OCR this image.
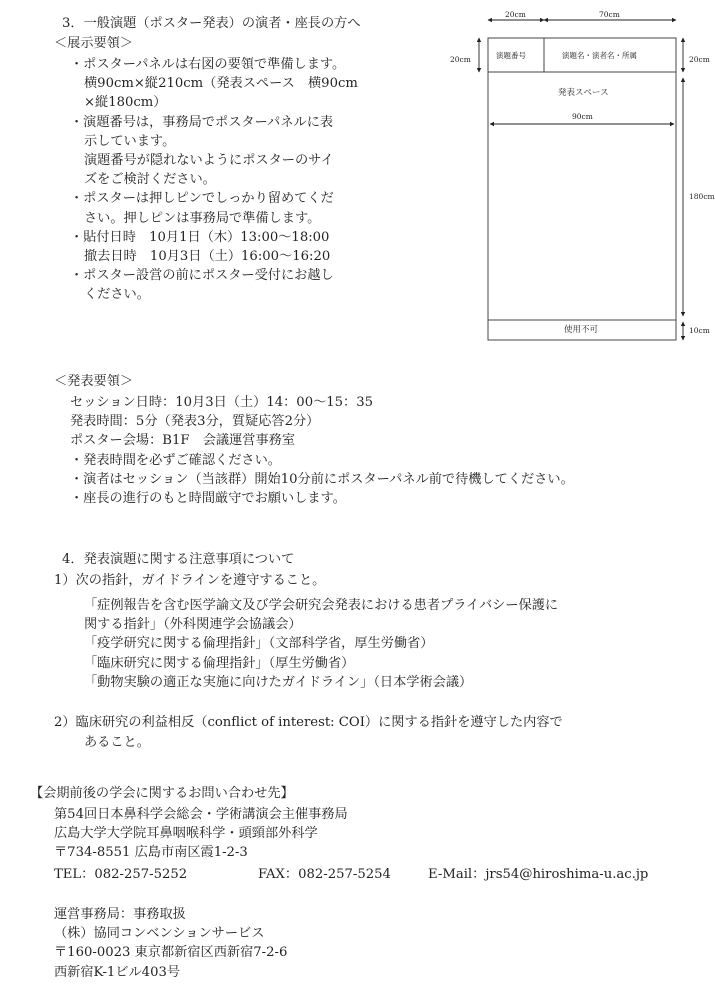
3．一般演題（ポスター発表）の演者・座長の方へ
＜展示要領＞
・ポスターパネルは右図の要領で準備します。
横90cm×縦210cm（発表スペース　横90cm
×縦180cm）
・演題番号は，事務局でポスターパネルに表
示しています。
演題番号が隠れないようにポスターのサイ
ズをご検討ください。
・ポスターは押しピンでしっかり留めてくだ
さい。押しピンは事務局で準備します。
・貼付日時　10月1日（木）13:00～18:00
撤去日時　10月3日（土）16:00～16:20
・ポスター設営の前にポスター受付にお越し
ください。
20cm	70cm
20cm	20cm
180cm
10cm
演題番号	演題名・演者名・所属
発表スペース
90cm
使用不可
＜発表要領＞
セッション日時：10月3日（土）14：00～15：35
発表時間：5分（発表3分，質疑応答2分）
ポスター会場：B1F　会議運営事務室
・発表時間を必ずご確認ください。
・演者はセッション（当該群）開始10分前にポスターパネル前で待機してください。
・座長の進行のもと時間厳守でお願いします。
4．発表演題に関する注意事項について
1）次の指針，ガイドラインを遵守すること。
「症例報告を含む医学論文及び学会研究会発表における患者プライバシー保護に
関する指針」（外科関連学会協議会）
「疫学研究に関する倫理指針」（文部科学省，厚生労働省）
「臨床研究に関する倫理指針」（厚生労働省）
「動物実験の適正な実施に向けたガイドライン」（日本学術会議）
2）臨床研究の利益相反（conflict of interest: COI）に関する指針を遵守した内容で
あること。
【会期前後の学会に関するお問い合わせ先】
第54回日本鼻科学会総会・学術講演会主催事務局
広島大学大学院耳鼻咽喉科学・頭頸部外科学
〒734-8551 広島市南区霞1-2-3
TEL：082-257-5252	FAX：082-257-5254	E-Mail：jrs54@hiroshima-u.ac.jp
運営事務局：事務取扱
（株）協同コンベンションサービス
〒160-0023 東京都新宿区西新宿7-2-6
西新宿K-1ビル403号
